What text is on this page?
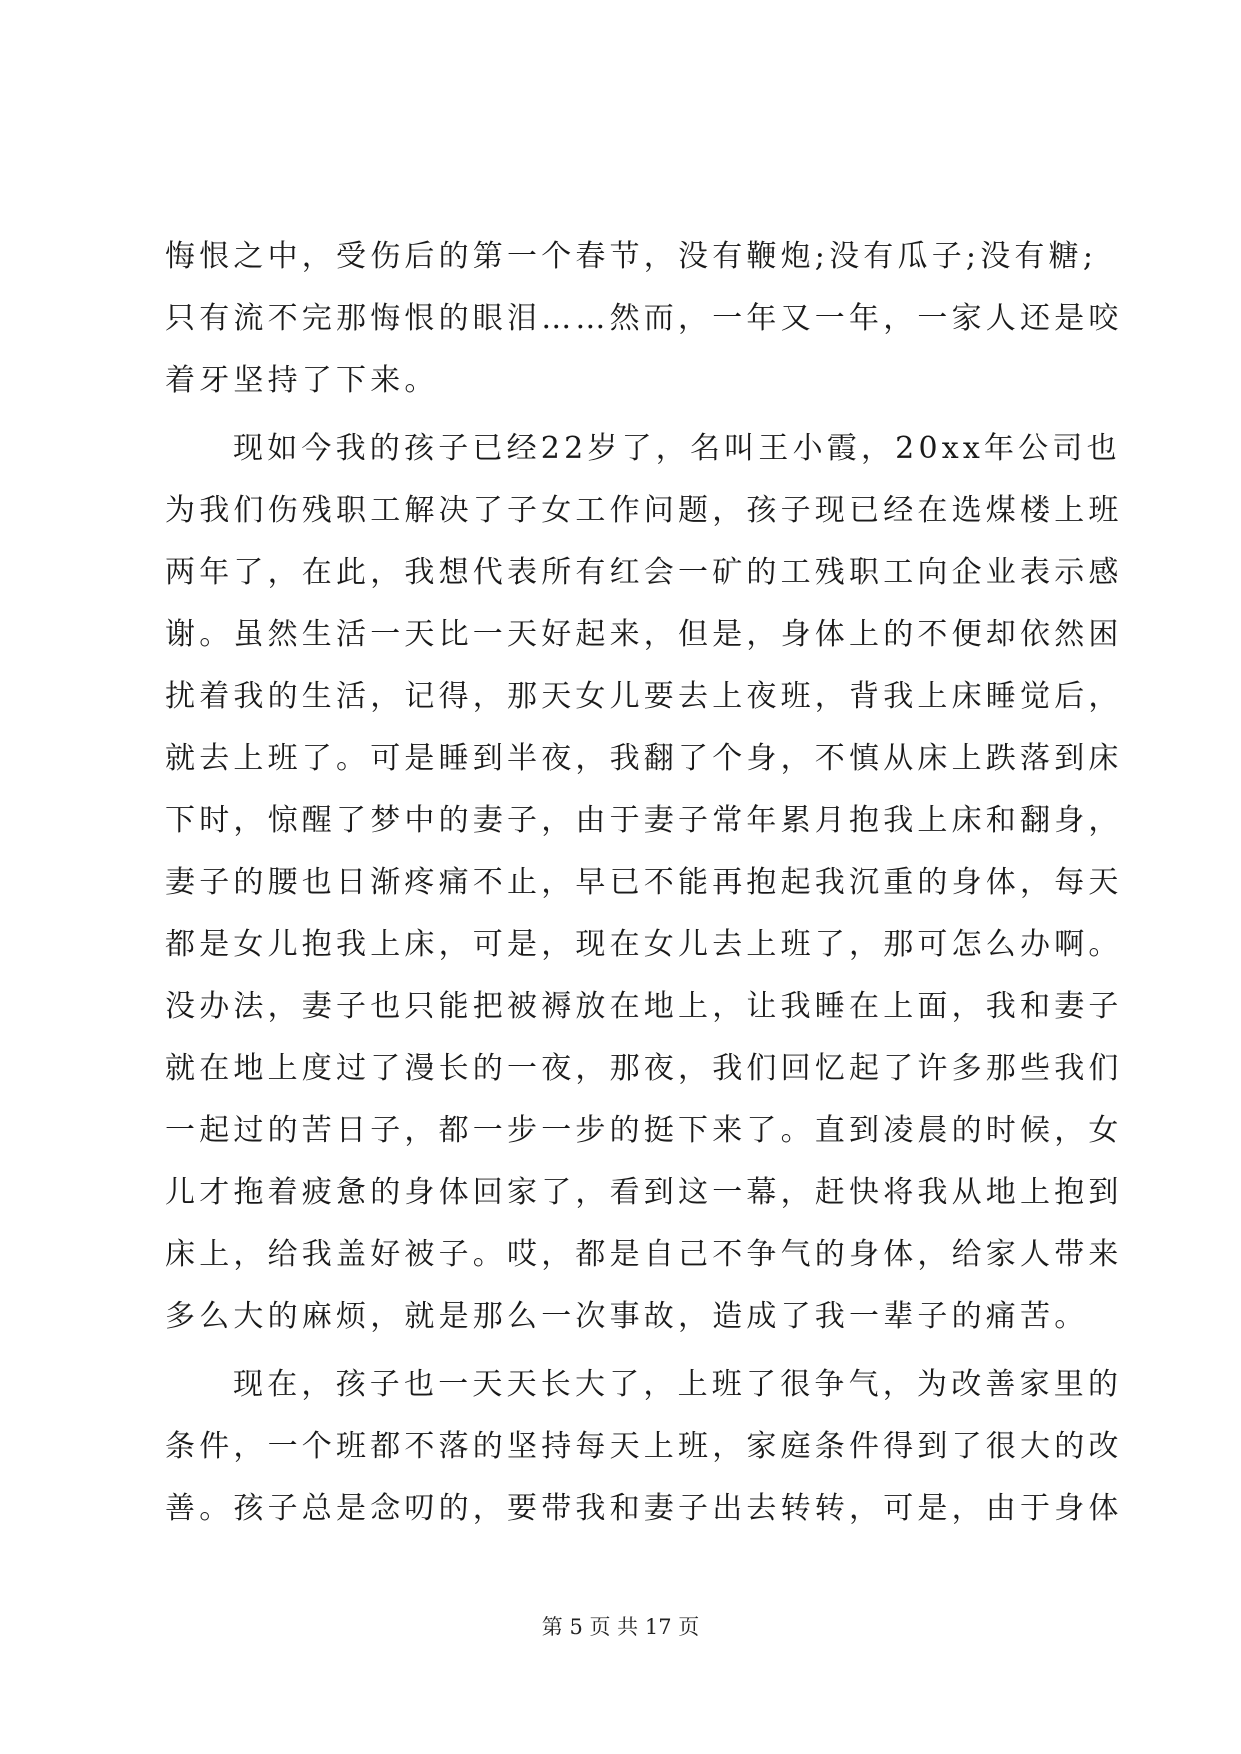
悔恨之中，受伤后的第一个春节，没有鞭炮;没有瓜子;没有糖;
只有流不完那悔恨的眼泪……然而，一年又一年，一家人还是咬
着牙坚持了下来。
现如今我的孩子已经22岁了，名叫王小霞，20xx年公司也
为我们伤残职工解决了子女工作问题，孩子现已经在选煤楼上班
两年了，在此，我想代表所有红会一矿的工残职工向企业表示感
谢。虽然生活一天比一天好起来，但是，身体上的不便却依然困
扰着我的生活，记得，那天女儿要去上夜班，背我上床睡觉后，
就去上班了。可是睡到半夜，我翻了个身，不慎从床上跌落到床
下时，惊醒了梦中的妻子，由于妻子常年累月抱我上床和翻身，
妻子的腰也日渐疼痛不止，早已不能再抱起我沉重的身体，每天
都是女儿抱我上床，可是，现在女儿去上班了，那可怎么办啊。
没办法，妻子也只能把被褥放在地上，让我睡在上面，我和妻子
就在地上度过了漫长的一夜，那夜，我们回忆起了许多那些我们
一起过的苦日子，都一步一步的挺下来了。直到凌晨的时候，女
儿才拖着疲惫的身体回家了，看到这一幕，赶快将我从地上抱到
床上，给我盖好被子。哎，都是自己不争气的身体，给家人带来
多么大的麻烦，就是那么一次事故，造成了我一辈子的痛苦。
现在，孩子也一天天长大了，上班了很争气，为改善家里的
条件，一个班都不落的坚持每天上班，家庭条件得到了很大的改
善。孩子总是念叨的，要带我和妻子出去转转，可是，由于身体
第 5 页 共 17 页
